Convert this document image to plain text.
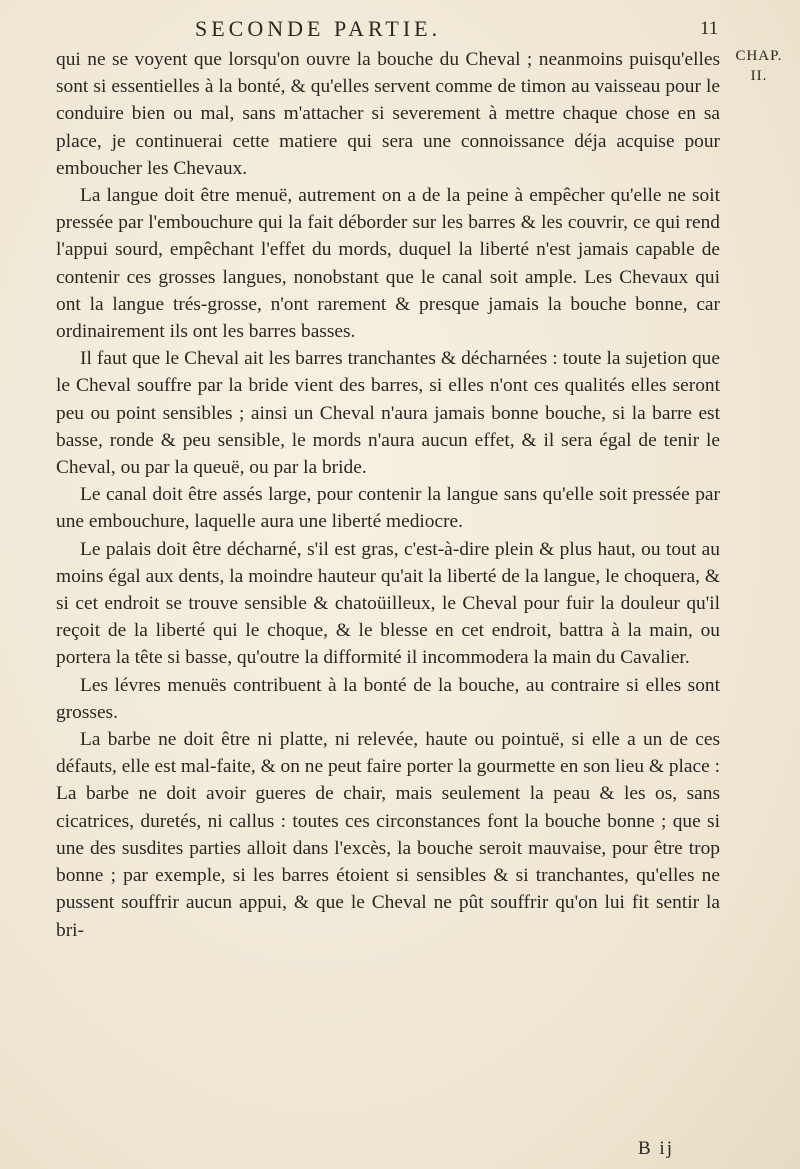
SECONDE PARTIE.	11
CHAP.
II.

qui ne se voyent que lorsqu'on ouvre la bouche du Cheval ; neanmoins puisqu'elles sont si essentielles à la bonté, & qu'elles servent comme de timon au vaisseau pour le conduire bien ou mal, sans m'attacher si severement à mettre chaque chose en sa place, je continuerai cette matiere qui sera une connoissance déja acquise pour emboucher les Chevaux.

La langue doit être menuë, autrement on a de la peine à empêcher qu'elle ne soit pressée par l'embouchure qui la fait déborder sur les barres & les couvrir, ce qui rend l'appui sourd, empêchant l'effet du mords, duquel la liberté n'est jamais capable de contenir ces grosses langues, nonobstant que le canal soit ample. Les Chevaux qui ont la langue trés-grosse, n'ont rarement & presque jamais la bouche bonne, car ordinairement ils ont les barres basses.

Il faut que le Cheval ait les barres tranchantes & décharnées : toute la sujetion que le Cheval souffre par la bride vient des barres, si elles n'ont ces qualités elles seront peu ou point sensibles ; ainsi un Cheval n'aura jamais bonne bouche, si la barre est basse, ronde & peu sensible, le mords n'aura aucun effet, & il sera égal de tenir le Cheval, ou par la queuë, ou par la bride.

Le canal doit être assés large, pour contenir la langue sans qu'elle soit pressée par une embouchure, laquelle aura une liberté mediocre.

Le palais doit être décharné, s'il est gras, c'est-à-dire plein & plus haut, ou tout au moins égal aux dents, la moindre hauteur qu'ait la liberté de la langue, le choquera, & si cet endroit se trouve sensible & chatoüilleux, le Cheval pour fuir la douleur qu'il reçoit de la liberté qui le choque, & le blesse en cet endroit, battra à la main, ou portera la tête si basse, qu'outre la difformité il incommodera la main du Cavalier.

Les lévres menuës contribuent à la bonté de la bouche, au contraire si elles sont grosses.

La barbe ne doit être ni platte, ni relevée, haute ou pointuë, si elle a un de ces défauts, elle est mal-faite, & on ne peut faire porter la gourmette en son lieu & place : La barbe ne doit avoir gueres de chair, mais seulement la peau & les os, sans cicatrices, duretés, ni callus : toutes ces circonstances font la bouche bonne ; que si une des susdites parties alloit dans l'excès, la bouche seroit mauvaise, pour être trop bonne ; par exemple, si les barres étoient si sensibles & si tranchantes, qu'elles ne pussent souffrir aucun appui, & que le Cheval ne pût souffrir qu'on lui fit sentir la bri-

B ij
